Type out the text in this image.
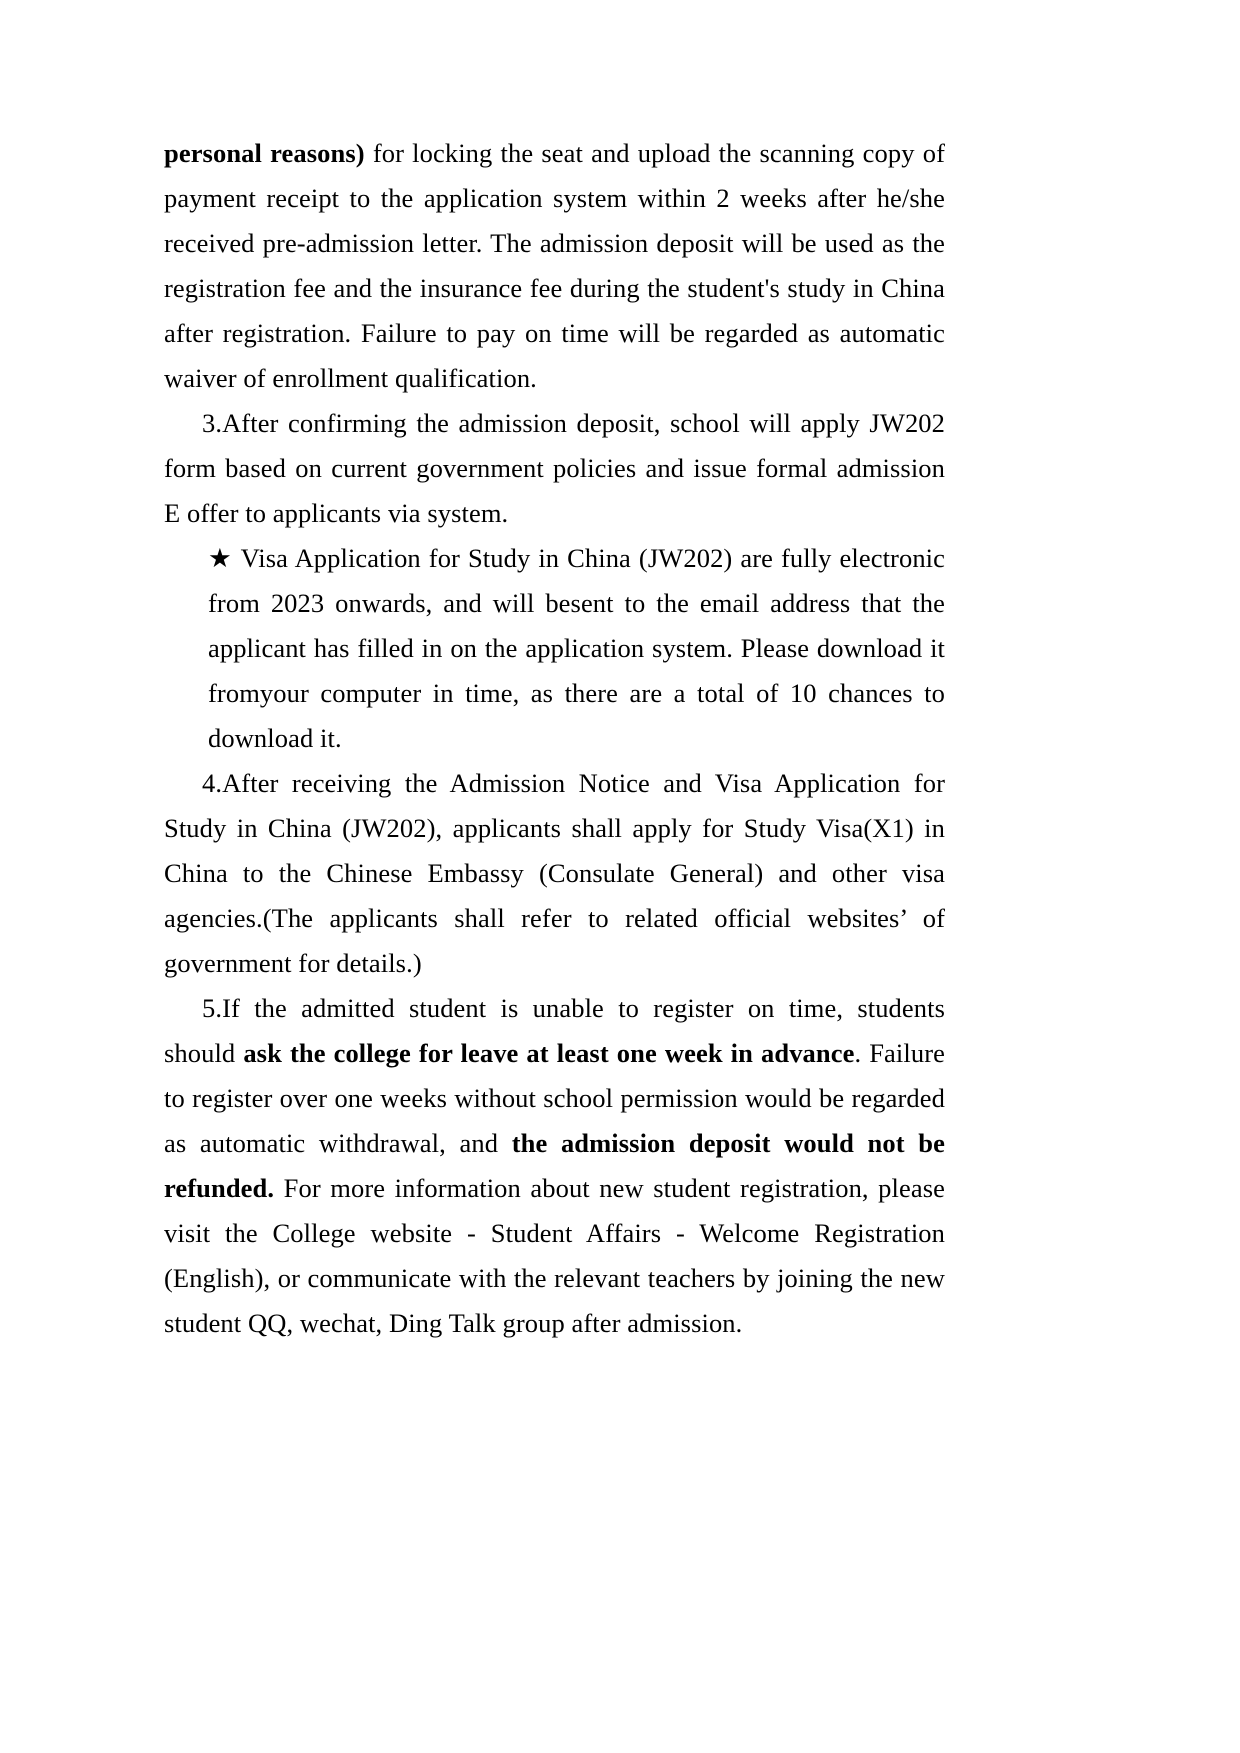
personal reasons) for locking the seat and upload the scanning copy of payment receipt to the application system within 2 weeks after he/she received pre-admission letter. The admission deposit will be used as the registration fee and the insurance fee during the student's study in China after registration. Failure to pay on time will be regarded as automatic waiver of enrollment qualification.

3.After confirming the admission deposit, school will apply JW202 form based on current government policies and issue formal admission E offer to applicants via system.

★ Visa Application for Study in China (JW202) are fully electronic from 2023 onwards, and will besent to the email address that the applicant has filled in on the application system. Please download it fromyour computer in time, as there are a total of 10 chances to download it.

4.After receiving the Admission Notice and Visa Application for Study in China (JW202), applicants shall apply for Study Visa(X1) in China to the Chinese Embassy (Consulate General) and other visa agencies.(The applicants shall refer to related official websites’ of government for details.)

5.If the admitted student is unable to register on time, students should ask the college for leave at least one week in advance. Failure to register over one weeks without school permission would be regarded as automatic withdrawal, and the admission deposit would not be refunded. For more information about new student registration, please visit the College website - Student Affairs - Welcome Registration (English), or communicate with the relevant teachers by joining the new student QQ, wechat, Ding Talk group after admission.
